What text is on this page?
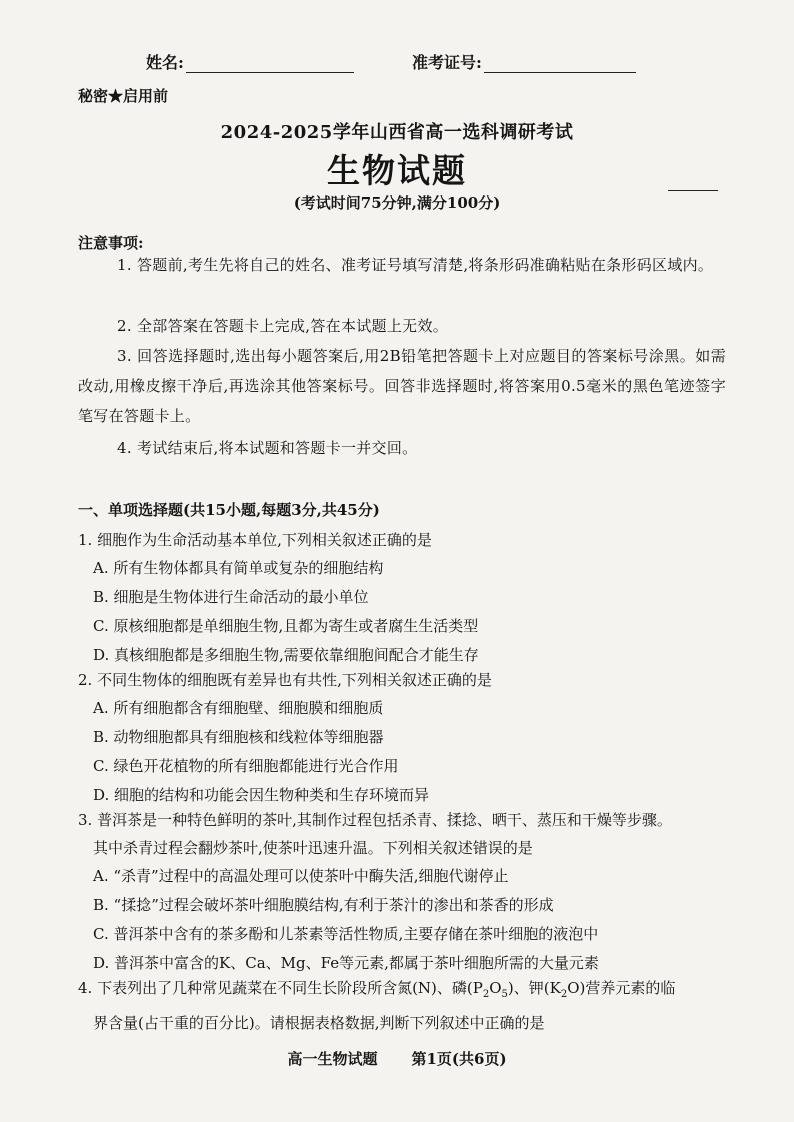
姓名:	准考证号:
秘密★启用前
2024-2025学年山西省高一选科调研考试
生物试题
(考试时间75分钟,满分100分)
注意事项:
1. 答题前,考生先将自己的姓名、准考证号填写清楚,将条形码准确粘贴在条形码区域内。
2. 全部答案在答题卡上完成,答在本试题上无效。
3. 回答选择题时,选出每小题答案后,用2B铅笔把答题卡上对应题目的答案标号涂黑。如需改动,用橡皮擦干净后,再选涂其他答案标号。回答非选择题时,将答案用0.5毫米的黑色笔迹签字笔写在答题卡上。
4. 考试结束后,将本试题和答题卡一并交回。
一、单项选择题(共15小题,每题3分,共45分)
1. 细胞作为生命活动基本单位,下列相关叙述正确的是
A. 所有生物体都具有简单或复杂的细胞结构
B. 细胞是生物体进行生命活动的最小单位
C. 原核细胞都是单细胞生物,且都为寄生或者腐生生活类型
D. 真核细胞都是多细胞生物,需要依靠细胞间配合才能生存
2. 不同生物体的细胞既有差异也有共性,下列相关叙述正确的是
A. 所有细胞都含有细胞壁、细胞膜和细胞质
B. 动物细胞都具有细胞核和线粒体等细胞器
C. 绿色开花植物的所有细胞都能进行光合作用
D. 细胞的结构和功能会因生物种类和生存环境而异
3. 普洱茶是一种特色鲜明的茶叶,其制作过程包括杀青、揉捻、晒干、蒸压和干燥等步骤。
其中杀青过程会翻炒茶叶,使茶叶迅速升温。下列相关叙述错误的是
A. “杀青”过程中的高温处理可以使茶叶中酶失活,细胞代谢停止
B. “揉捻”过程会破坏茶叶细胞膜结构,有利于茶汁的渗出和茶香的形成
C. 普洱茶中含有的茶多酚和儿茶素等活性物质,主要存储在茶叶细胞的液泡中
D. 普洱茶中富含的K、Ca、Mg、Fe等元素,都属于茶叶细胞所需的大量元素
4. 下表列出了几种常见蔬菜在不同生长阶段所含氮(N)、磷$(P_2O_5)$、钾$(K_2O)$营养元素的临
界含量(占干重的百分比)。请根据表格数据,判断下列叙述中正确的是
高一生物试题 第1页(共6页)
